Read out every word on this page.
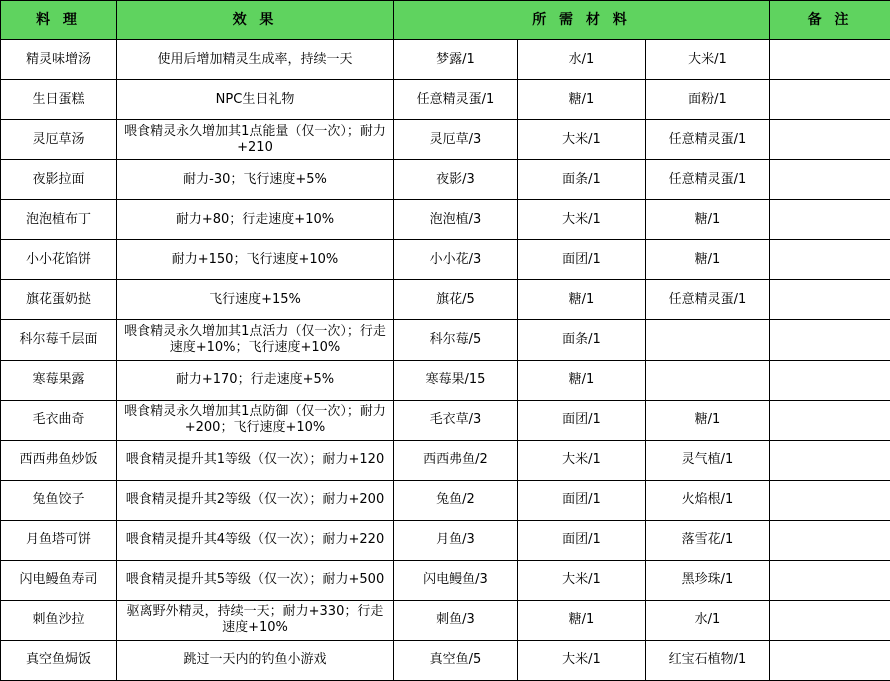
料 理	效 果	所 需 材 料			备 注
精灵味增汤	使用后增加精灵生成率，持续一天	梦露/1	水/1	大米/1	
生日蛋糕	NPC生日礼物	任意精灵蛋/1	糖/1	面粉/1	
灵厄草汤	喂食精灵永久增加其1点能量（仅一次）；耐力+210	灵厄草/3	大米/1	任意精灵蛋/1	
夜影拉面	耐力-30；飞行速度+5%	夜影/3	面条/1	任意精灵蛋/1	
泡泡植布丁	耐力+80；行走速度+10%	泡泡植/3	大米/1	糖/1	
小小花馅饼	耐力+150；飞行速度+10%	小小花/3	面团/1	糖/1	
旗花蛋奶挞	飞行速度+15%	旗花/5	糖/1	任意精灵蛋/1	
科尔莓千层面	喂食精灵永久增加其1点活力（仅一次）；行走速度+10%；飞行速度+10%	科尔莓/5	面条/1		
寒莓果露	耐力+170；行走速度+5%	寒莓果/15	糖/1		
毛衣曲奇	喂食精灵永久增加其1点防御（仅一次）；耐力+200；飞行速度+10%	毛衣草/3	面团/1	糖/1	
西西弗鱼炒饭	喂食精灵提升其1等级（仅一次）；耐力+120	西西弗鱼/2	大米/1	灵气植/1	
兔鱼饺子	喂食精灵提升其2等级（仅一次）；耐力+200	兔鱼/2	面团/1	火焰根/1	
月鱼塔可饼	喂食精灵提升其4等级（仅一次）；耐力+220	月鱼/3	面团/1	落雪花/1	
闪电鳗鱼寿司	喂食精灵提升其5等级（仅一次）；耐力+500	闪电鳗鱼/3	大米/1	黑珍珠/1	
刺鱼沙拉	驱离野外精灵，持续一天；耐力+330；行走速度+10%	刺鱼/3	糖/1	水/1	
真空鱼焗饭	跳过一天内的钓鱼小游戏	真空鱼/5	大米/1	红宝石植物/1	
